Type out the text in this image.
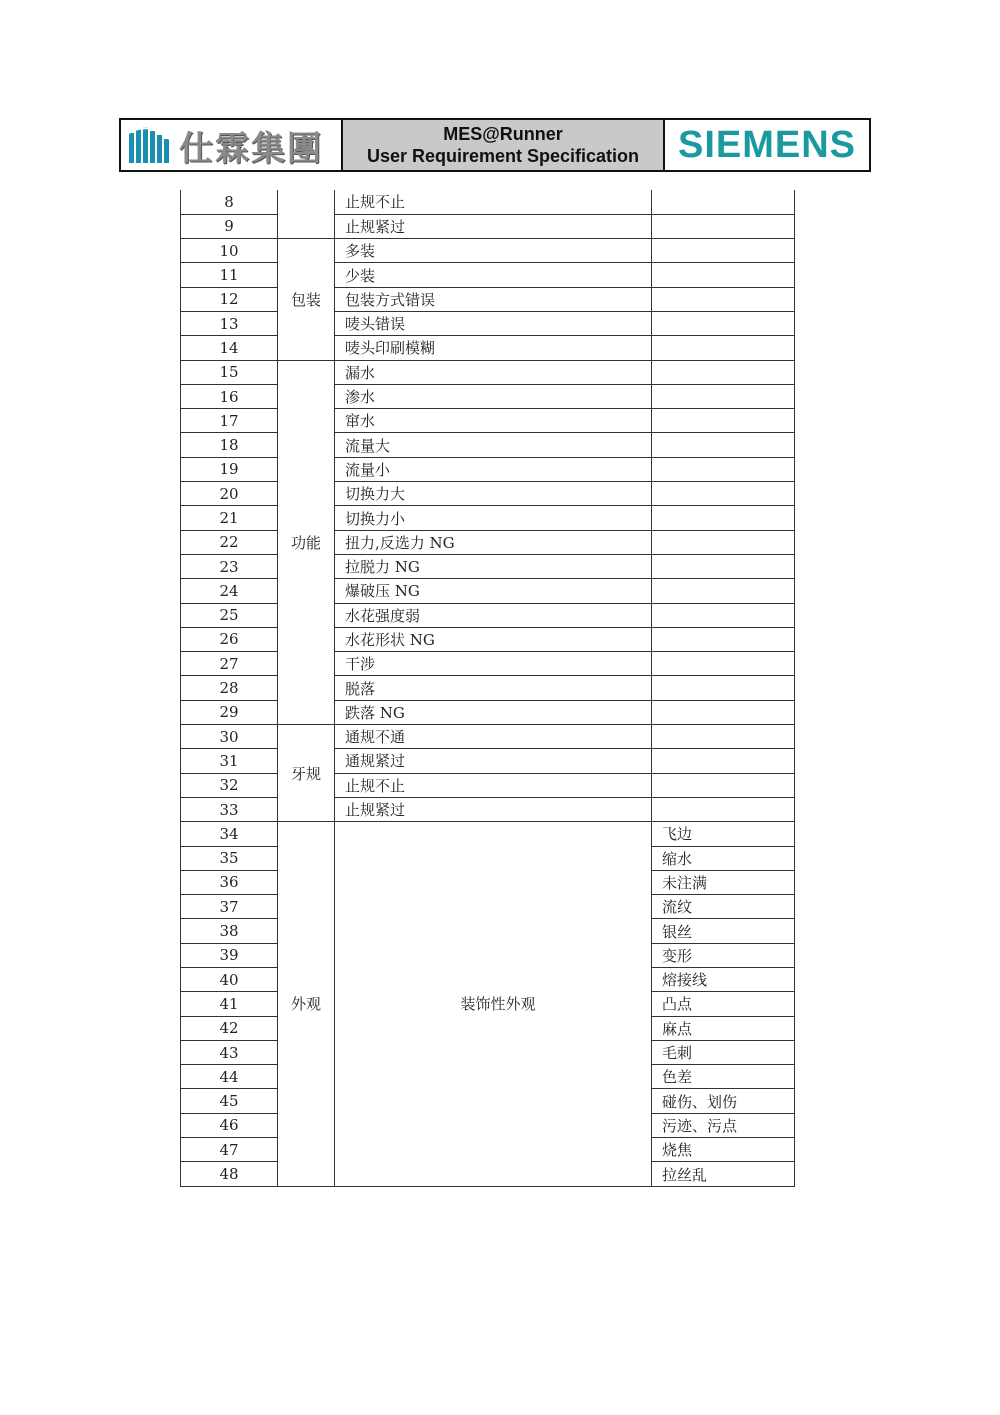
仕霖集團	MES@Runner
User Requirement Specification SIEMENS
8		止规不止	
9		止规紧过	
10	包装	多装	
11		少装	
12		包装方式错误	
13		唛头错误	
14		唛头印刷模糊	
15	功能	漏水	
16		渗水	
17		窜水	
18		流量大	
19		流量小	
20		切换力大	
21		切换力小	
22		扭力,反选力 NG	
23		拉脱力 NG	
24		爆破压 NG	
25		水花强度弱	
26		水花形状 NG	
27		干涉	
28		脱落	
29		跌落 NG	
30	牙规	通规不通	
31		通规紧过	
32		止规不止	
33		止规紧过	
34	外观	装饰性外观	飞边
35			缩水
36			未注满
37			流纹
38			银丝
39			变形
40			熔接线
41			凸点
42			麻点
43			毛刺
44			色差
45			碰伤、划伤
46			污迹、污点
47			烧焦
48			拉丝乱
